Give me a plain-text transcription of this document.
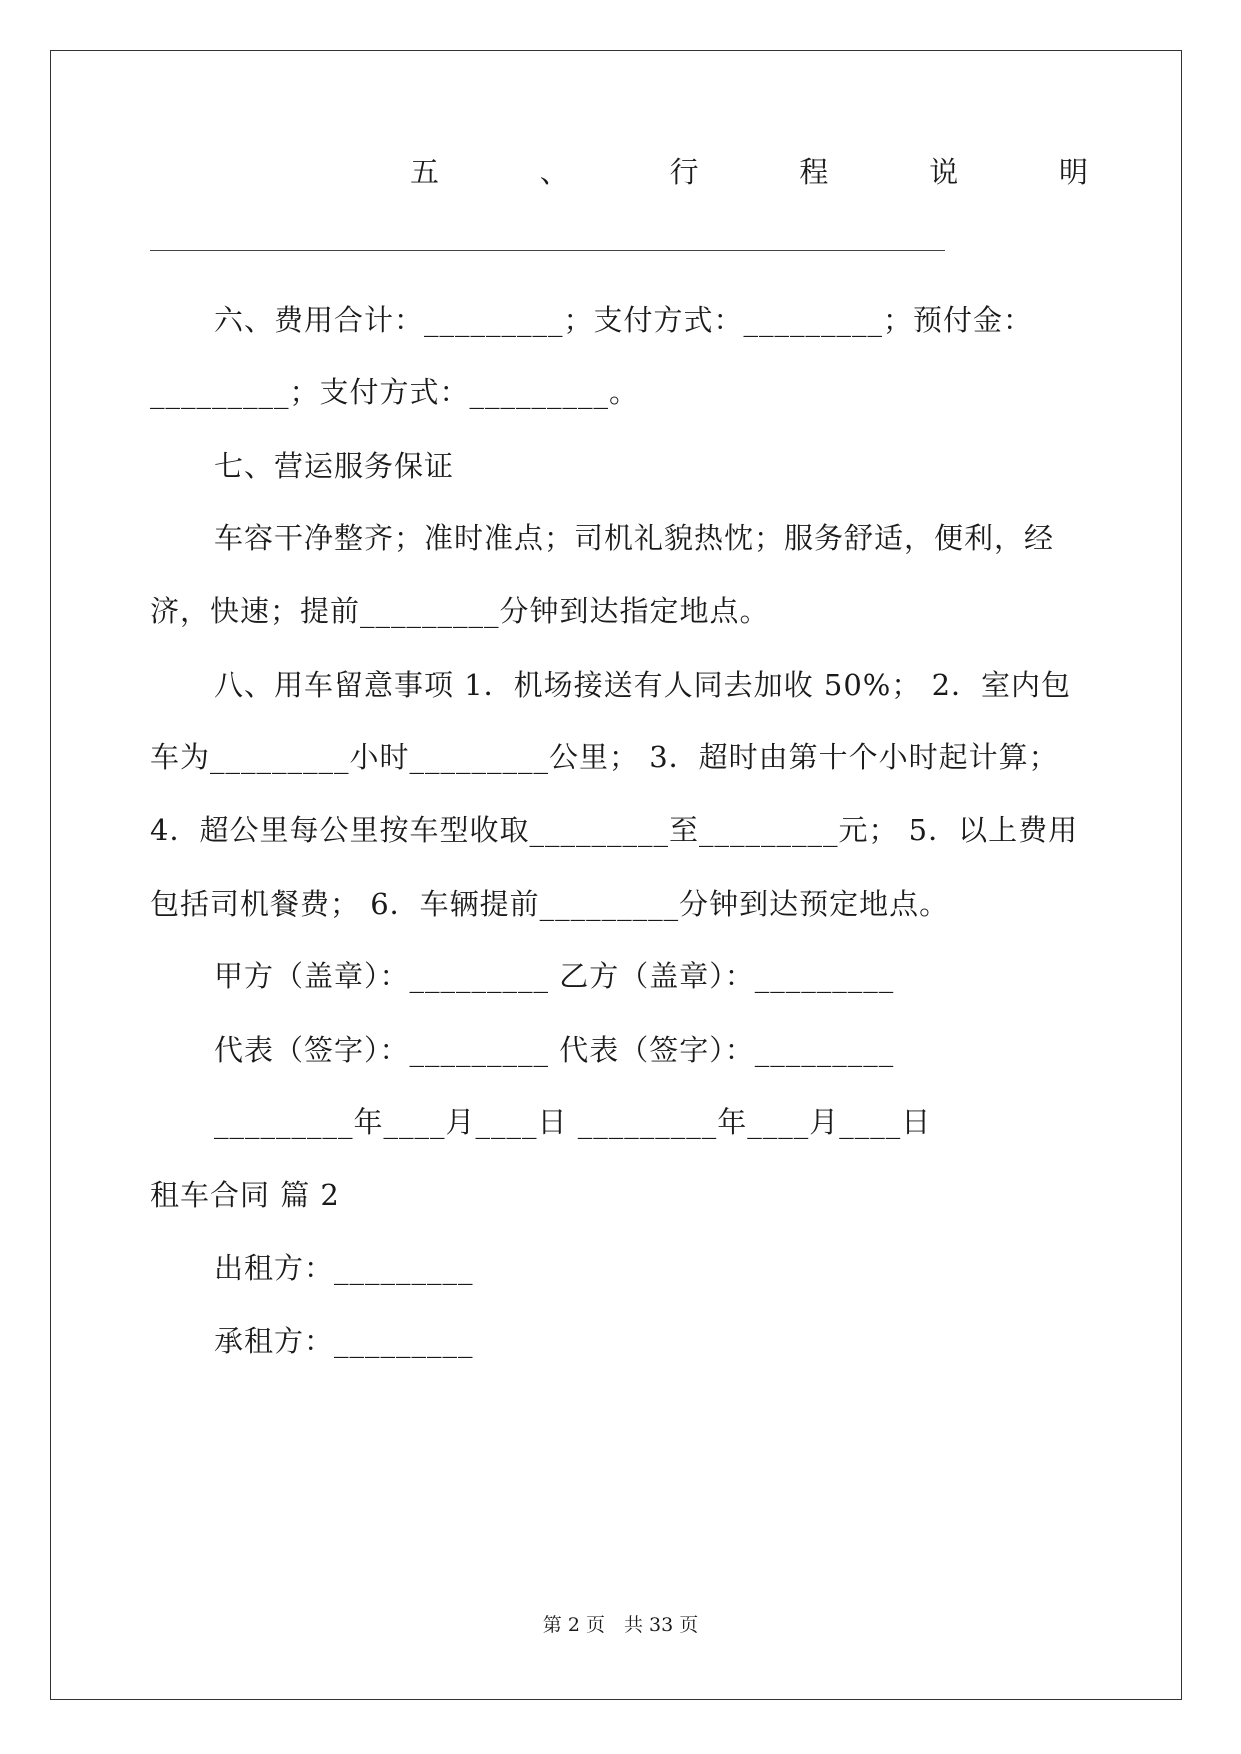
五	、	行	程	说	明
六、费用合计：_________；支付方式：_________；预付金：
_________；支付方式：_________。
七、营运服务保证
车容干净整齐；准时准点；司机礼貌热忱；服务舒适，便利，经
济，快速；提前_________分钟到达指定地点。
八、用车留意事项 1．机场接送有人同去加收 50%； 2．室内包
车为_________小时_________公里； 3．超时由第十个小时起计算；
4．超公里每公里按车型收取_________至_________元； 5．以上费用
包括司机餐费； 6．车辆提前_________分钟到达预定地点。
甲方（盖章）：_________ 乙方（盖章）：_________
代表（签字）：_________ 代表（签字）：_________
_________年____月____日 _________年____月____日
租车合同 篇 2
出租方：_________
承租方：_________
第 2 页　共 33 页
